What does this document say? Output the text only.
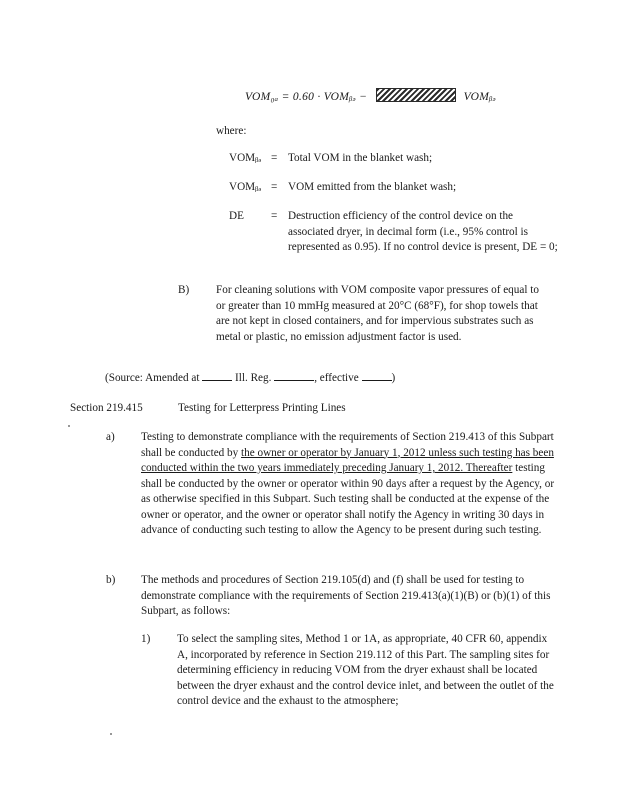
VOM₀ₐ = 0.60 · VOMᵦₔ −	VOMᵦₔ
where:
VOMᵦₔ = Total VOM in the blanket wash;
VOMᵦₔ = VOM emitted from the blanket wash;
DE = Destruction efficiency of the control device on the associated dryer, in decimal form (i.e., 95% control is represented as 0.95). If no control device is present, DE = 0;
B) For cleaning solutions with VOM composite vapor pressures of equal to or greater than 10 mmHg measured at 20°C (68°F), for shop towels that are not kept in closed containers, and for impervious substrates such as metal or plastic, no emission adjustment factor is used.
(Source: Amended at	Ill. Reg.	, effective	)
Section 219.415	Testing for Letterpress Printing Lines
a) Testing to demonstrate compliance with the requirements of Section 219.413 of this Subpart shall be conducted by the owner or operator by January 1, 2012 unless such testing has been conducted within the two years immediately preceding January 1, 2012. Thereafter testing shall be conducted by the owner or operator within 90 days after a request by the Agency, or as otherwise specified in this Subpart. Such testing shall be conducted at the expense of the owner or operator, and the owner or operator shall notify the Agency in writing 30 days in advance of conducting such testing to allow the Agency to be present during such testing.
b) The methods and procedures of Section 219.105(d) and (f) shall be used for testing to demonstrate compliance with the requirements of Section 219.413(a)(1)(B) or (b)(1) of this Subpart, as follows:
1) To select the sampling sites, Method 1 or 1A, as appropriate, 40 CFR 60, appendix A, incorporated by reference in Section 219.112 of this Part. The sampling sites for determining efficiency in reducing VOM from the dryer exhaust shall be located between the dryer exhaust and the control device inlet, and between the outlet of the control device and the exhaust to the atmosphere;
